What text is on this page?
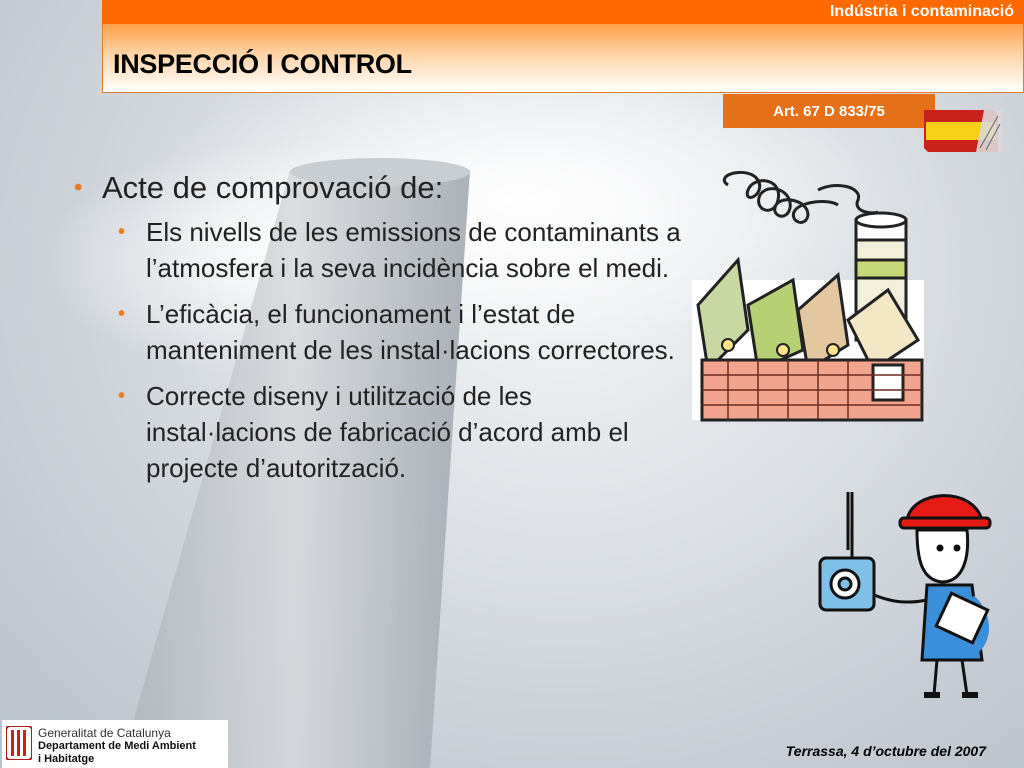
Indústria i contaminació
INSPECCIÓ I CONTROL
Art. 67 D 833/75
• Acte de comprovació de:
• Els nivells de les emissions de contaminants a l’atmosfera i la seva incidència sobre el medi.
• L’eficàcia, el funcionament i l’estat de manteniment de les instal·lacions correctores.
• Correcte diseny i utilització de les instal·lacions de fabricació d’acord amb el projecte d’autorització.
Generalitat de Catalunya
Departament de Medi Ambient
i Habitatge	Terrassa, 4 d’octubre del 2007
